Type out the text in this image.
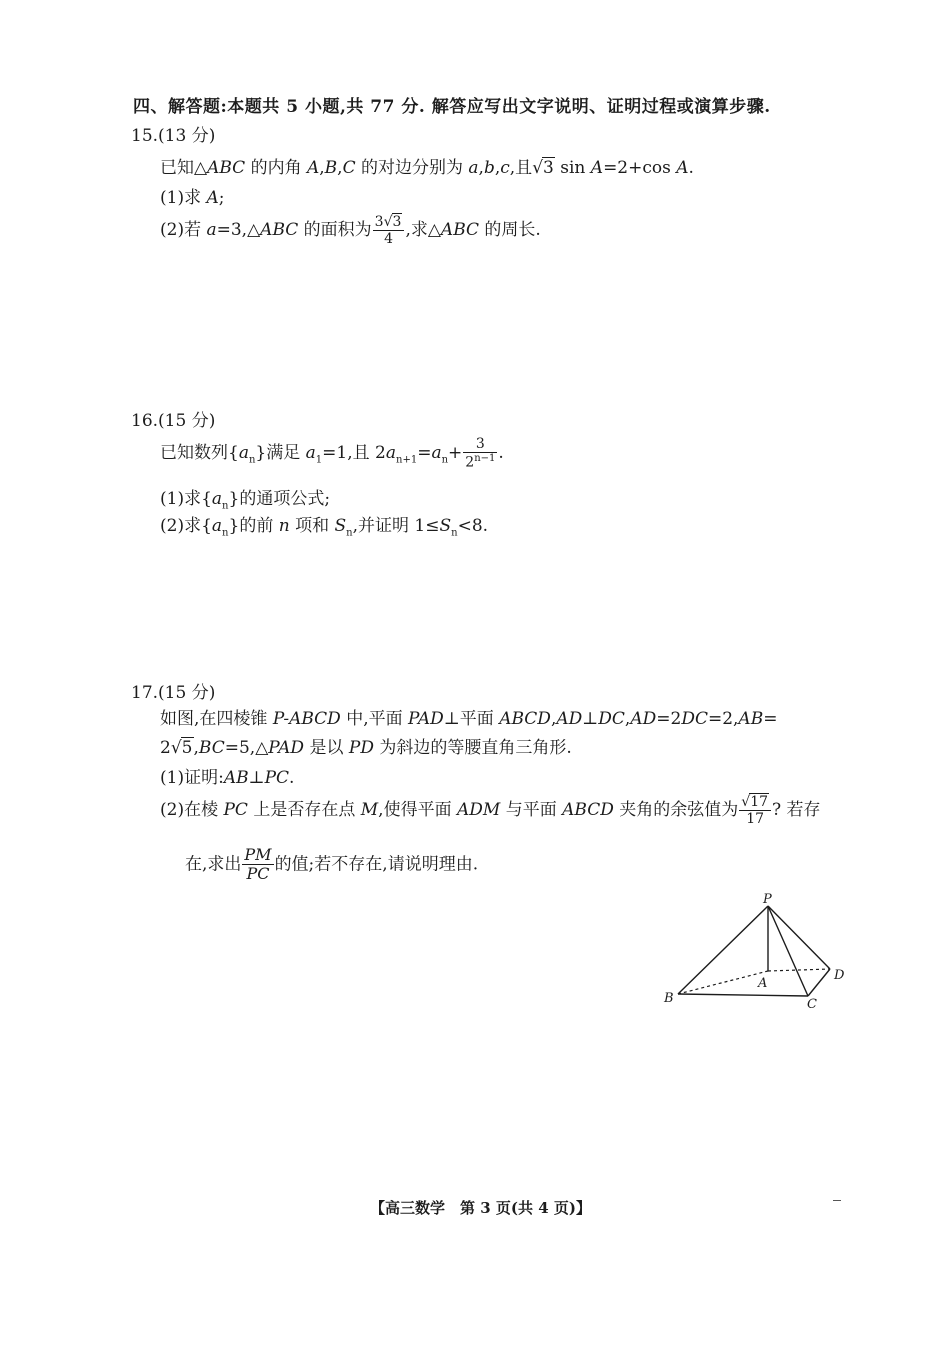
四、解答题:本题共 5 小题,共 77 分. 解答应写出文字说明、证明过程或演算步骤.
15.(13 分)
已知△ABC 的内角 A,B,C 的对边分别为 a,b,c,且√3 sin A=2+cos A.
(1)求 A;
(2)若 a=3,△ABC 的面积为 $\frac{3√3}{4}$ ,求△ABC 的周长.
16.(15 分)
已知数列$\{a_n\}$满足 $a_1=1$,且 $2a_{n+1}=a_n+ \frac{3}{2^{n-1}}$ .
(1)求$\{a_n\}$的通项公式;
(2)求$\{a_n\}$的前 n 项和 $S_n$,并证明 $1\le S_n<8$.
17.(15 分)
如图,在四棱锥 P-ABCD 中,平面 PAD⊥平面 ABCD,AD⊥DC,AD=2DC=2,AB=
2√5,BC=5,△PAD 是以 PD 为斜边的等腰直角三角形.
(1)证明:AB⊥PC.
(2)在棱 PC 上是否存在点 M,使得平面 ADM 与平面 ABCD 夹角的余弦值为 $\frac{√17}{17}$ ? 若存
在,求出 $\frac{PM}{PC}$ 的值;若不存在,请说明理由.
P
A
B	C
D
【高三数学　第 3 页(共 4 页)】
